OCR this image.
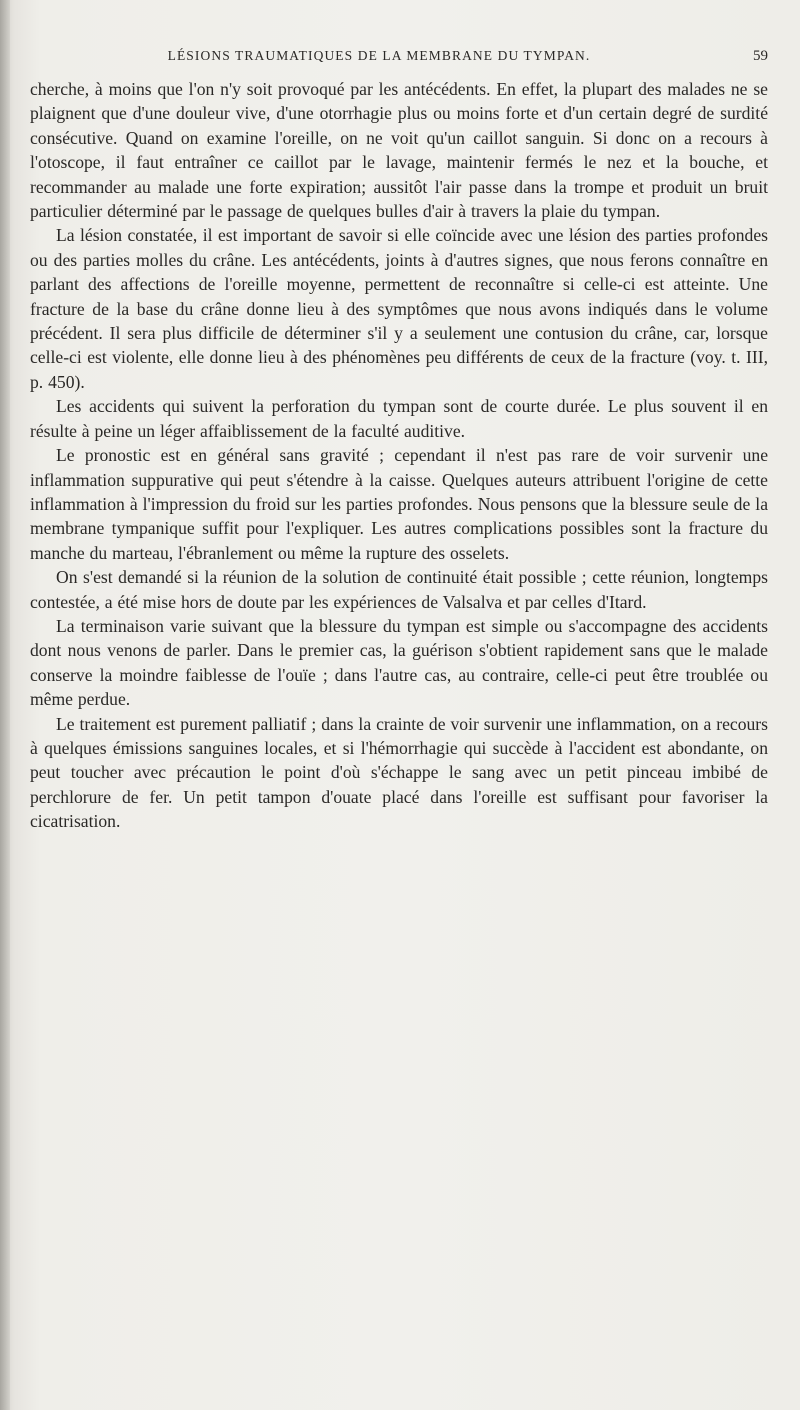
LÉSIONS TRAUMATIQUES DE LA MEMBRANE DU TYMPAN.	59

cherche, à moins que l'on n'y soit provoqué par les antécédents. En effet, la plupart des malades ne se plaignent que d'une douleur vive, d'une otorrhagie plus ou moins forte et d'un certain degré de surdité consécutive. Quand on examine l'oreille, on ne voit qu'un caillot sanguin. Si donc on a recours à l'otoscope, il faut entraîner ce caillot par le lavage, maintenir fermés le nez et la bouche, et recommander au malade une forte expiration; aussitôt l'air passe dans la trompe et produit un bruit particulier déterminé par le passage de quelques bulles d'air à travers la plaie du tympan.

La lésion constatée, il est important de savoir si elle coïncide avec une lésion des parties profondes ou des parties molles du crâne. Les antécédents, joints à d'autres signes, que nous ferons connaître en parlant des affections de l'oreille moyenne, permettent de reconnaître si celle-ci est atteinte. Une fracture de la base du crâne donne lieu à des symptômes que nous avons indiqués dans le volume précédent. Il sera plus difficile de déterminer s'il y a seulement une contusion du crâne, car, lorsque celle-ci est violente, elle donne lieu à des phénomènes peu différents de ceux de la fracture (voy. t. III, p. 450).

Les accidents qui suivent la perforation du tympan sont de courte durée. Le plus souvent il en résulte à peine un léger affaiblissement de la faculté auditive.

Le pronostic est en général sans gravité ; cependant il n'est pas rare de voir survenir une inflammation suppurative qui peut s'étendre à la caisse. Quelques auteurs attribuent l'origine de cette inflammation à l'impression du froid sur les parties profondes. Nous pensons que la blessure seule de la membrane tympanique suffit pour l'expliquer. Les autres complications possibles sont la fracture du manche du marteau, l'ébranlement ou même la rupture des osselets.

On s'est demandé si la réunion de la solution de continuité était possible ; cette réunion, longtemps contestée, a été mise hors de doute par les expériences de Valsalva et par celles d'Itard.

La terminaison varie suivant que la blessure du tympan est simple ou s'accompagne des accidents dont nous venons de parler. Dans le premier cas, la guérison s'obtient rapidement sans que le malade conserve la moindre faiblesse de l'ouïe ; dans l'autre cas, au contraire, celle-ci peut être troublée ou même perdue.

Le traitement est purement palliatif ; dans la crainte de voir survenir une inflammation, on a recours à quelques émissions sanguines locales, et si l'hémorrhagie qui succède à l'accident est abondante, on peut toucher avec précaution le point d'où s'échappe le sang avec un petit pinceau imbibé de perchlorure de fer. Un petit tampon d'ouate placé dans l'oreille est suffisant pour favoriser la cicatrisation.
